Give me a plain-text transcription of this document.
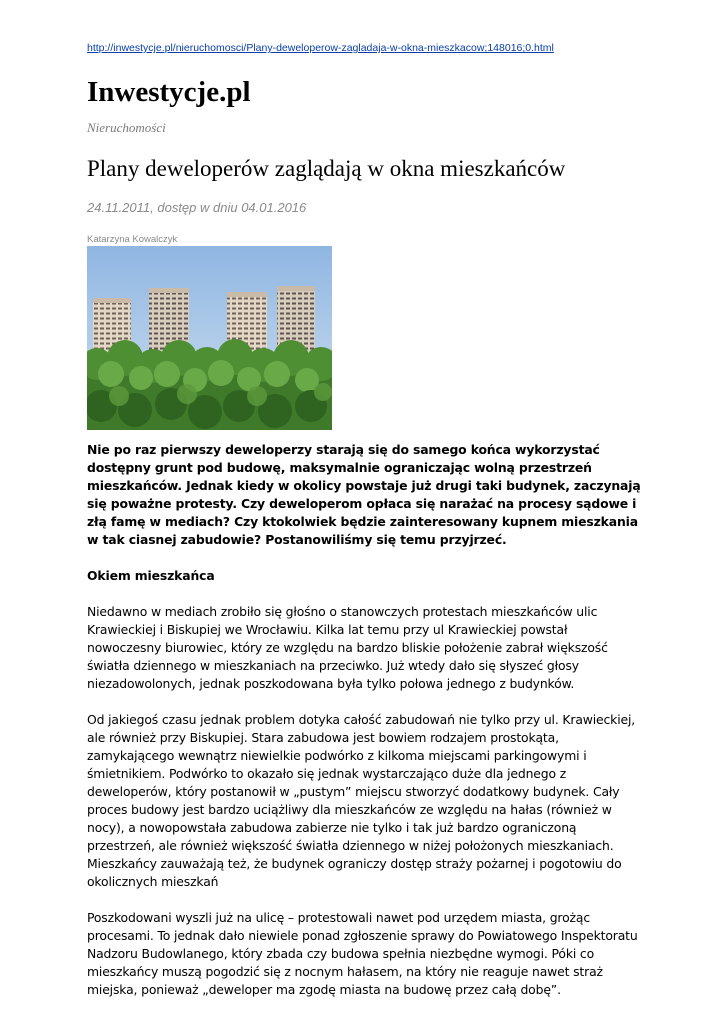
http://inwestycje.pl/nieruchomosci/Plany-deweloperow-zagladaja-w-okna-mieszkacow;148016;0.html
Inwestycje.pl
Nieruchomości
Plany deweloperów zaglądają w okna mieszkańców
24.11.2011, dostęp w dniu 04.01.2016
Katarzyna Kowalczyk

Nie po raz pierwszy deweloperzy starają się do samego końca wykorzystać dostępny grunt pod budowę, maksymalnie ograniczając wolną przestrzeń mieszkańców. Jednak kiedy w okolicy powstaje już drugi taki budynek, zaczynają się poważne protesty. Czy deweloperom opłaca się narażać na procesy sądowe i złą famę w mediach? Czy ktokolwiek będzie zainteresowany kupnem mieszkania w tak ciasnej zabudowie? Postanowiliśmy się temu przyjrzeć.

Okiem mieszkańca

Niedawno w mediach zrobiło się głośno o stanowczych protestach mieszkańców ulic Krawieckiej i Biskupiej we Wrocławiu. Kilka lat temu przy ul Krawieckiej powstał nowoczesny biurowiec, który ze względu na bardzo bliskie położenie zabrał większość światła dziennego w mieszkaniach na przeciwko. Już wtedy dało się słyszeć głosy niezadowolonych, jednak poszkodowana była tylko połowa jednego z budynków.

Od jakiegoś czasu jednak problem dotyka całość zabudowań nie tylko przy ul. Krawieckiej, ale również przy Biskupiej. Stara zabudowa jest bowiem rodzajem prostokąta, zamykającego wewnątrz niewielkie podwórko z kilkoma miejscami parkingowymi i śmietnikiem. Podwórko to okazało się jednak wystarczająco duże dla jednego z deweloperów, który postanowił w „pustym” miejscu stworzyć dodatkowy budynek. Cały proces budowy jest bardzo uciążliwy dla mieszkańców ze względu na hałas (również w nocy), a nowopowstała zabudowa zabierze nie tylko i tak już bardzo ograniczoną przestrzeń, ale również większość światła dziennego w niżej położonych mieszkaniach. Mieszkańcy zauważają też, że budynek ograniczy dostęp straży pożarnej i pogotowiu do okolicznych mieszkań

Poszkodowani wyszli już na ulicę – protestowali nawet pod urzędem miasta, grożąc procesami. To jednak dało niewiele ponad zgłoszenie sprawy do Powiatowego Inspektoratu Nadzoru Budowlanego, który zbada czy budowa spełnia niezbędne wymogi. Póki co mieszkańcy muszą pogodzić się z nocnym hałasem, na który nie reaguje nawet straż miejska, ponieważ „deweloper ma zgodę miasta na budowę przez całą dobę”.
